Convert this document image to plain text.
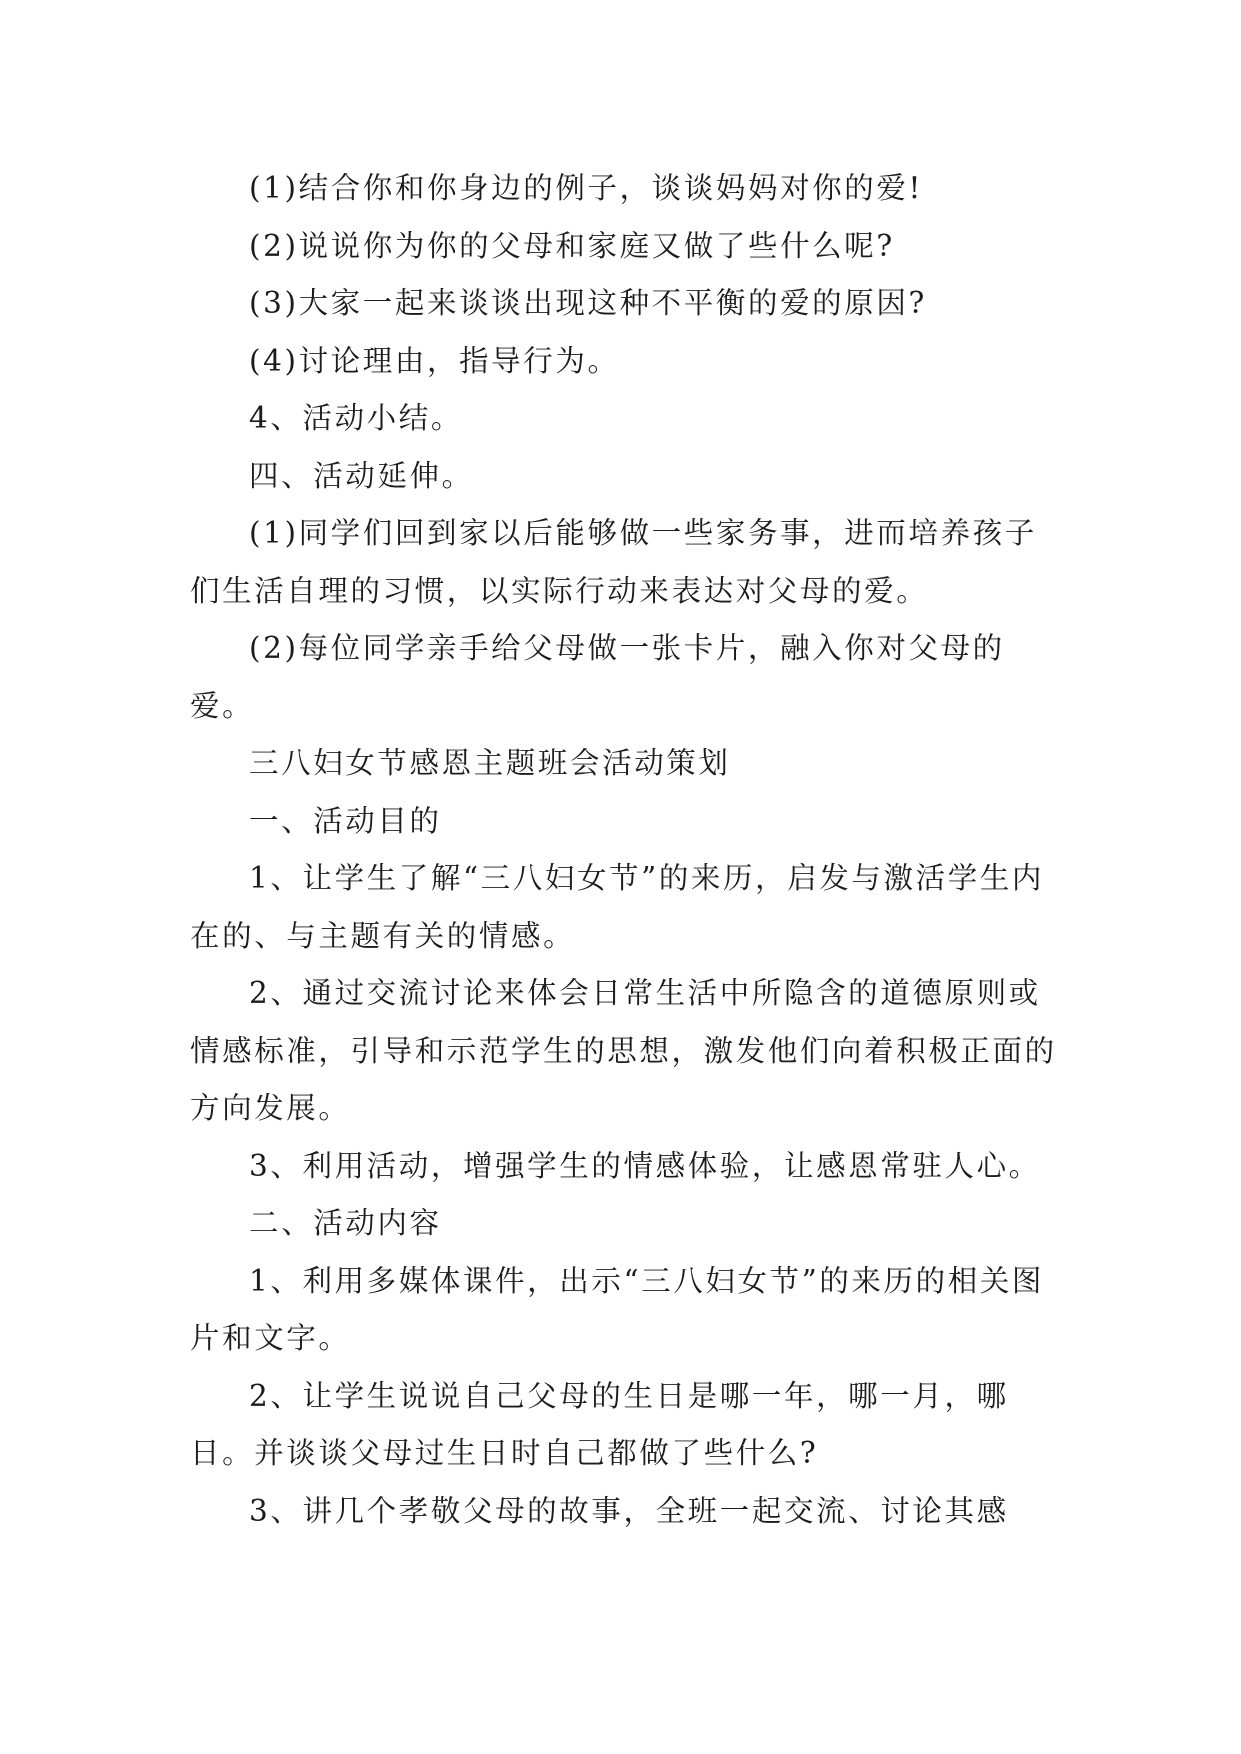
(1)结合你和你身边的例子，谈谈妈妈对你的爱!

(2)说说你为你的父母和家庭又做了些什么呢?

(3)大家一起来谈谈出现这种不平衡的爱的原因?

(4)讨论理由，指导行为。

4、活动小结。

四、活动延伸。

(1)同学们回到家以后能够做一些家务事，进而培养孩子们生活自理的习惯，以实际行动来表达对父母的爱。

(2)每位同学亲手给父母做一张卡片，融入你对父母的爱。

三八妇女节感恩主题班会活动策划

一、活动目的

1、让学生了解“三八妇女节”的来历，启发与激活学生内在的、与主题有关的情感。

2、通过交流讨论来体会日常生活中所隐含的道德原则或情感标准，引导和示范学生的思想，激发他们向着积极正面的方向发展。

3、利用活动，增强学生的情感体验，让感恩常驻人心。

二、活动内容

1、利用多媒体课件，出示“三八妇女节”的来历的相关图片和文字。

2、让学生说说自己父母的生日是哪一年，哪一月，哪日。并谈谈父母过生日时自己都做了些什么?

3、讲几个孝敬父母的故事，全班一起交流、讨论其感
